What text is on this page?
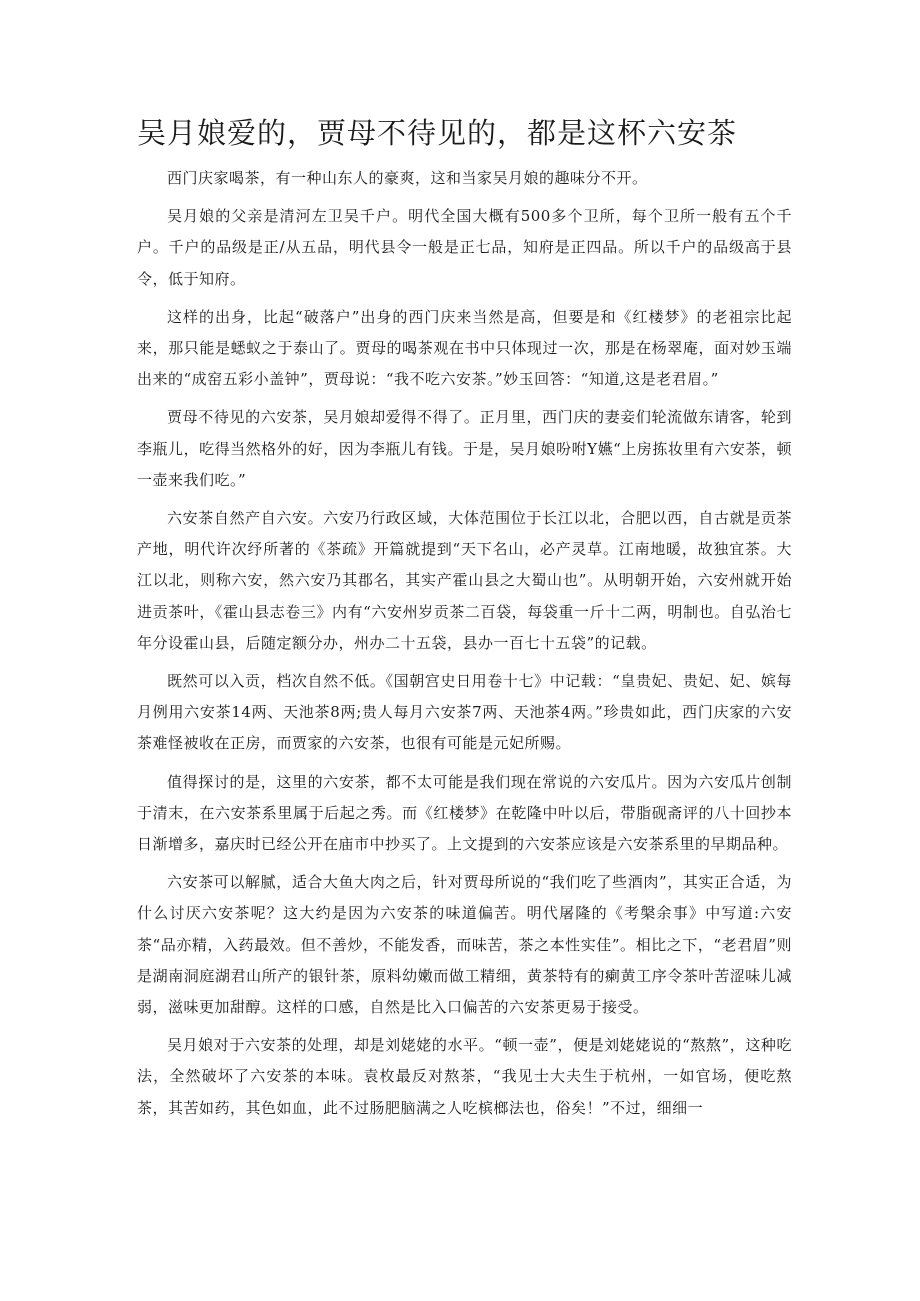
吴月娘爱的，贾母不待见的，都是这杯六安茶

西门庆家喝茶，有一种山东人的豪爽，这和当家吴月娘的趣味分不开。

吴月娘的父亲是清河左卫吴千户。明代全国大概有500多个卫所，每个卫所一般有五个千户。千户的品级是正/从五品，明代县令一般是正七品，知府是正四品。所以千户的品级高于县令，低于知府。

这样的出身，比起“破落户”出身的西门庆来当然是高，但要是和《红楼梦》的老祖宗比起来，那只能是蟋蚁之于泰山了。贾母的喝茶观在书中只体现过一次，那是在杨翠庵，面对妙玉端出来的“成窑五彩小盖钟”，贾母说：“我不吃六安茶。”妙玉回答：“知道,这是老君眉。”

贾母不待见的六安茶，吴月娘却爱得不得了。正月里，西门庆的妻妾们轮流做东请客，轮到李瓶儿，吃得当然格外的好，因为李瓶儿有钱。于是，吴月娘吩咐Y嬿“上房拣妆里有六安茶，顿一壶来我们吃。”

六安茶自然产自六安。六安乃行政区域，大体范围位于长江以北，合肥以西，自古就是贡茶产地，明代许次纾所著的《茶疏》开篇就提到“天下名山，必产灵草。江南地暖，故独宜茶。大江以北，则称六安，然六安乃其郡名，其实产霍山县之大蜀山也”。从明朝开始，六安州就开始进贡茶叶，《霍山县志卷三》内有“六安州岁贡茶二百袋，每袋重一斤十二两，明制也。自弘治七年分设霍山县，后随定额分办，州办二十五袋，县办一百七十五袋”的记载。

既然可以入贡，档次自然不低。《国朝宫史日用卷十七》中记载：“皇贵妃、贵妃、妃、嫔每月例用六安茶14两、天池茶8两;贵人每月六安茶7两、天池茶4两。”珍贵如此，西门庆家的六安茶难怪被收在正房，而贾家的六安茶，也很有可能是元妃所赐。

值得探讨的是，这里的六安茶，都不太可能是我们现在常说的六安瓜片。因为六安瓜片创制于清末，在六安茶系里属于后起之秀。而《红楼梦》在乾隆中叶以后，带脂砚斋评的八十回抄本日渐增多，嘉庆时已经公开在庙市中抄买了。上文提到的六安茶应该是六安茶系里的早期品种。

六安茶可以解腻，适合大鱼大肉之后，针对贾母所说的“我们吃了些酒肉”，其实正合适，为什么讨厌六安茶呢？这大约是因为六安茶的味道偏苦。明代屠隆的《考槃余事》中写道:六安茶“品亦精，入药最效。但不善炒，不能发香，而味苦，茶之本性实佳”。相比之下，“老君眉”则是湖南洞庭湖君山所产的银针茶，原料幼嫩而做工精细，黄茶特有的瘌黄工序令茶叶苦涩味儿减弱，滋味更加甜醇。这样的口感，自然是比入口偏苦的六安茶更易于接受。

吴月娘对于六安茶的处理，却是刘姥姥的水平。“顿一壶”，便是刘姥姥说的“熬熬”，这种吃法，全然破坏了六安茶的本味。袁枚最反对熬茶，“我见士大夫生于杭州，一如官场，便吃熬茶，其苦如药，其色如血，此不过肠肥脑满之人吃槟榔法也，俗矣！”不过，细细一
